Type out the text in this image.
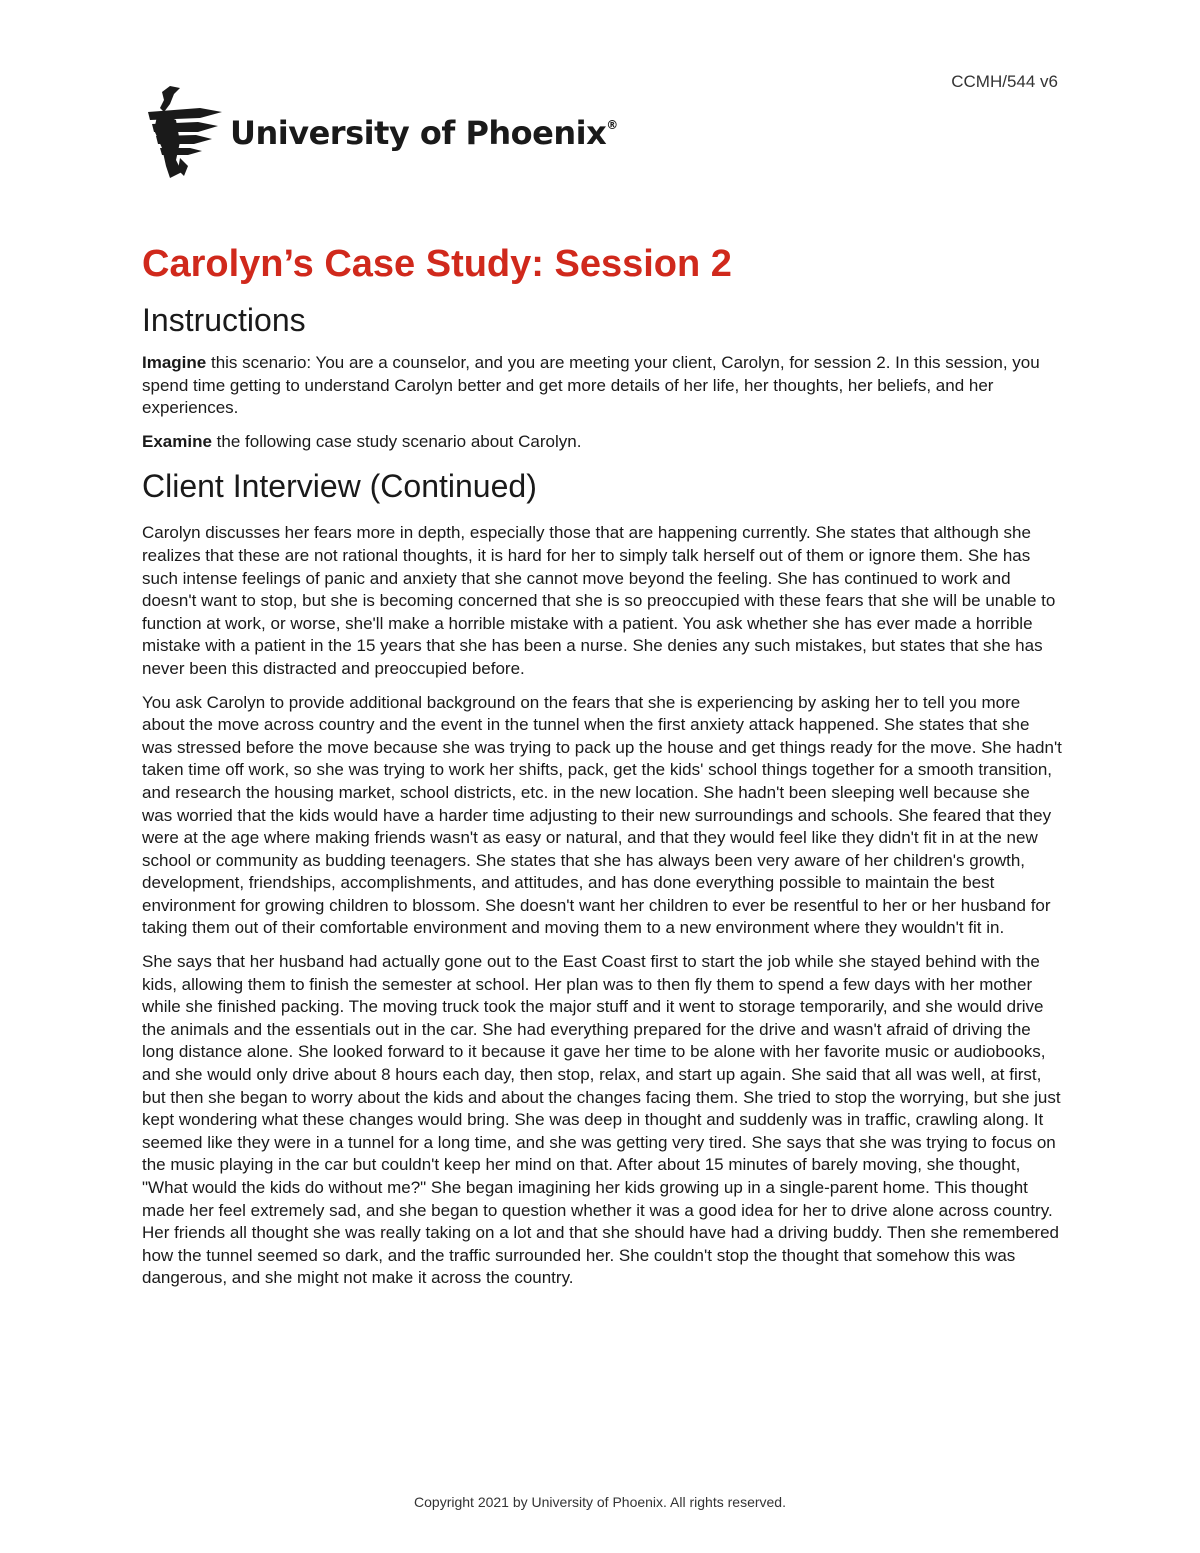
CCMH/544 v6
University of Phoenix®
Carolyn’s Case Study: Session 2
Instructions

Imagine this scenario: You are a counselor, and you are meeting your client, Carolyn, for session 2. In this session, you spend time getting to understand Carolyn better and get more details of her life, her thoughts, her beliefs, and her experiences.

Examine the following case study scenario about Carolyn.

Client Interview (Continued)

Carolyn discusses her fears more in depth, especially those that are happening currently. She states that although she realizes that these are not rational thoughts, it is hard for her to simply talk herself out of them or ignore them. She has such intense feelings of panic and anxiety that she cannot move beyond the feeling. She has continued to work and doesn't want to stop, but she is becoming concerned that she is so preoccupied with these fears that she will be unable to function at work, or worse, she'll make a horrible mistake with a patient. You ask whether she has ever made a horrible mistake with a patient in the 15 years that she has been a nurse. She denies any such mistakes, but states that she has never been this distracted and preoccupied before.

You ask Carolyn to provide additional background on the fears that she is experiencing by asking her to tell you more about the move across country and the event in the tunnel when the first anxiety attack happened. She states that she was stressed before the move because she was trying to pack up the house and get things ready for the move. She hadn't taken time off work, so she was trying to work her shifts, pack, get the kids' school things together for a smooth transition, and research the housing market, school districts, etc. in the new location. She hadn't been sleeping well because she was worried that the kids would have a harder time adjusting to their new surroundings and schools. She feared that they were at the age where making friends wasn't as easy or natural, and that they would feel like they didn't fit in at the new school or community as budding teenagers. She states that she has always been very aware of her children's growth, development, friendships, accomplishments, and attitudes, and has done everything possible to maintain the best environment for growing children to blossom. She doesn't want her children to ever be resentful to her or her husband for taking them out of their comfortable environment and moving them to a new environment where they wouldn't fit in.

She says that her husband had actually gone out to the East Coast first to start the job while she stayed behind with the kids, allowing them to finish the semester at school. Her plan was to then fly them to spend a few days with her mother while she finished packing. The moving truck took the major stuff and it went to storage temporarily, and she would drive the animals and the essentials out in the car. She had everything prepared for the drive and wasn't afraid of driving the long distance alone. She looked forward to it because it gave her time to be alone with her favorite music or audiobooks, and she would only drive about 8 hours each day, then stop, relax, and start up again. She said that all was well, at first, but then she began to worry about the kids and about the changes facing them. She tried to stop the worrying, but she just kept wondering what these changes would bring. She was deep in thought and suddenly was in traffic, crawling along. It seemed like they were in a tunnel for a long time, and she was getting very tired. She says that she was trying to focus on the music playing in the car but couldn't keep her mind on that. After about 15 minutes of barely moving, she thought, "What would the kids do without me?" She began imagining her kids growing up in a single-parent home. This thought made her feel extremely sad, and she began to question whether it was a good idea for her to drive alone across country. Her friends all thought she was really taking on a lot and that she should have had a driving buddy. Then she remembered how the tunnel seemed so dark, and the traffic surrounded her. She couldn't stop the thought that somehow this was dangerous, and she might not make it across the country.

Copyright 2021 by University of Phoenix. All rights reserved.
